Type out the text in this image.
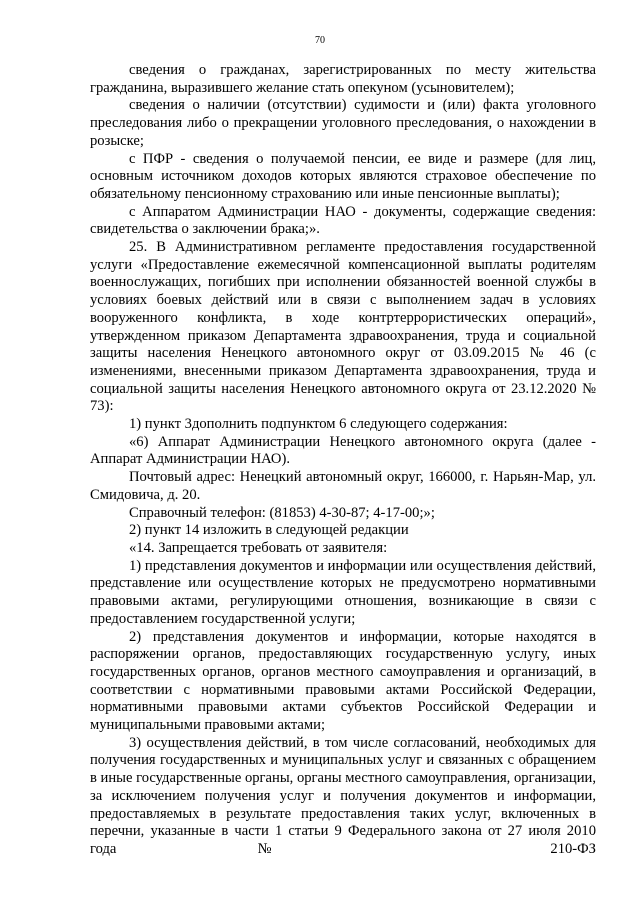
70

сведения о гражданах, зарегистрированных по месту жительства гражданина, выразившего желание стать опекуном (усыновителем);

сведения о наличии (отсутствии) судимости и (или) факта уголовного преследования либо о прекращении уголовного преследования, о нахождении в розыске;

с ПФР - сведения о получаемой пенсии, ее виде и размере (для лиц, основным источником доходов которых являются страховое обеспечение по обязательному пенсионному страхованию или иные пенсионные выплаты);

с Аппаратом Администрации НАО - документы, содержащие сведения: свидетельства о заключении брака;».

25. В Административном регламенте предоставления государственной услуги «Предоставление ежемесячной компенсационной выплаты родителям военнослужащих, погибших при исполнении обязанностей военной службы в условиях боевых действий или в связи с выполнением задач в условиях вооруженного конфликта, в ходе контртеррористических операций», утвержденном приказом Департамента здравоохранения, труда и социальной защиты населения Ненецкого автономного округ от 03.09.2015 № 46 (с изменениями, внесенными приказом Департамента здравоохранения, труда и социальной защиты населения Ненецкого автономного округа от 23.12.2020 № 73):

1) пункт 3дополнить подпунктом 6 следующего содержания:

«6) Аппарат Администрации Ненецкого автономного округа (далее - Аппарат Администрации НАО).

Почтовый адрес: Ненецкий автономный округ, 166000, г. Нарьян-Мар, ул. Смидовича, д. 20.

Справочный телефон: (81853) 4-30-87; 4-17-00;»;

2) пункт 14 изложить в следующей редакции

«14. Запрещается требовать от заявителя:

1) представления документов и информации или осуществления действий, представление или осуществление которых не предусмотрено нормативными правовыми актами, регулирующими отношения, возникающие в связи с предоставлением государственной услуги;

2) представления документов и информации, которые находятся в распоряжении органов, предоставляющих государственную услугу, иных государственных органов, органов местного самоуправления и организаций, в соответствии с нормативными правовыми актами Российской Федерации, нормативными правовыми актами субъектов Российской Федерации и муниципальными правовыми актами;

3) осуществления действий, в том числе согласований, необходимых для получения государственных и муниципальных услуг и связанных с обращением в иные государственные органы, органы местного самоуправления, организации, за исключением получения услуг и получения документов и информации, предоставляемых в результате предоставления таких услуг, включенных в перечни, указанные в части 1 статьи 9 Федерального закона от 27 июля 2010 года № 210-ФЗ
